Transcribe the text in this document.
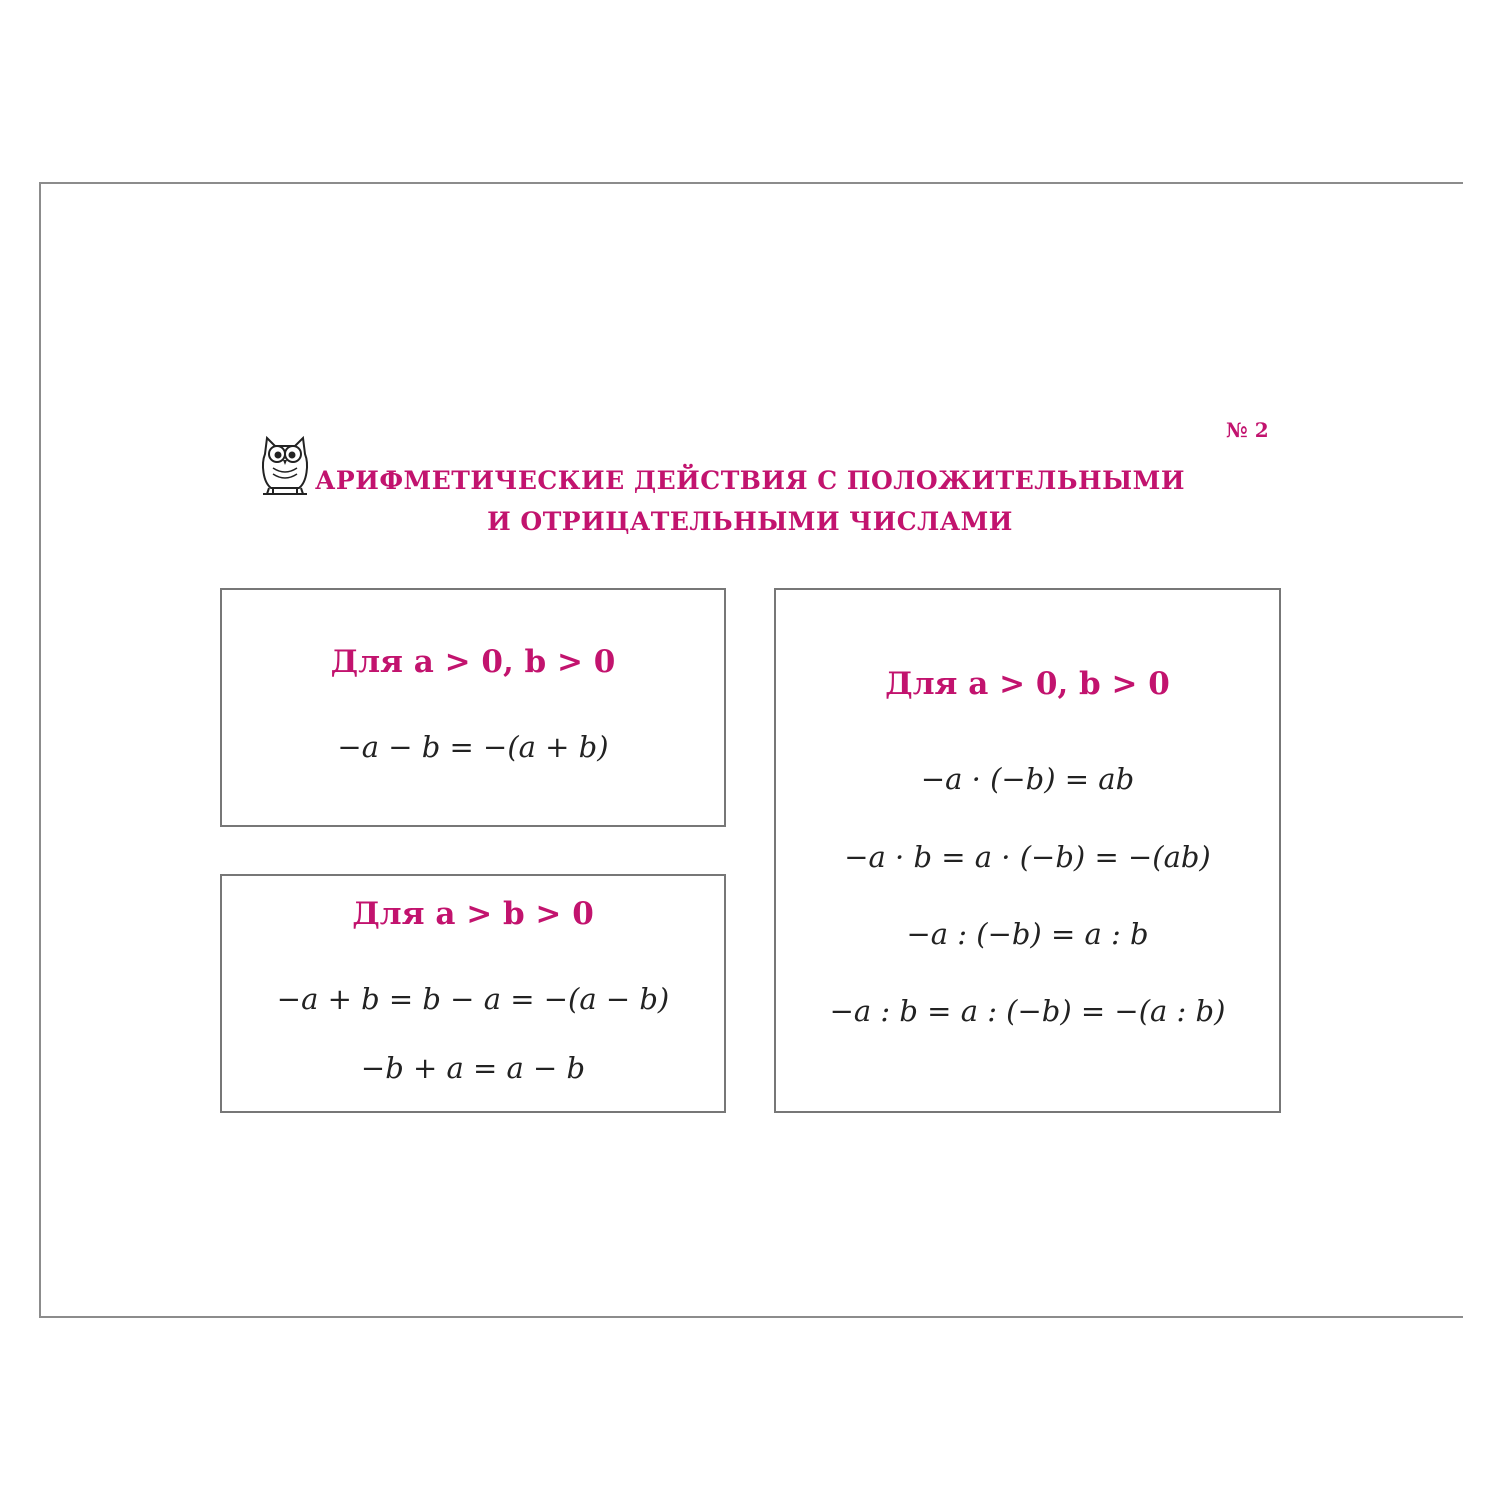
№ 2
АРИФМЕТИЧЕСКИЕ ДЕЙСТВИЯ С ПОЛОЖИТЕЛЬНЫМИ
И ОТРИЦАТЕЛЬНЫМИ ЧИСЛАМИ
Для a > 0, b > 0
−a − b = −(a + b)
Для a > b > 0
−a + b = b − a = −(a − b)
−b + a = a − b
Для a > 0, b > 0
−a · (−b) = ab
−a · b = a · (−b) = −(ab)
−a : (−b) = a : b
−a : b = a : (−b) = −(a : b)
